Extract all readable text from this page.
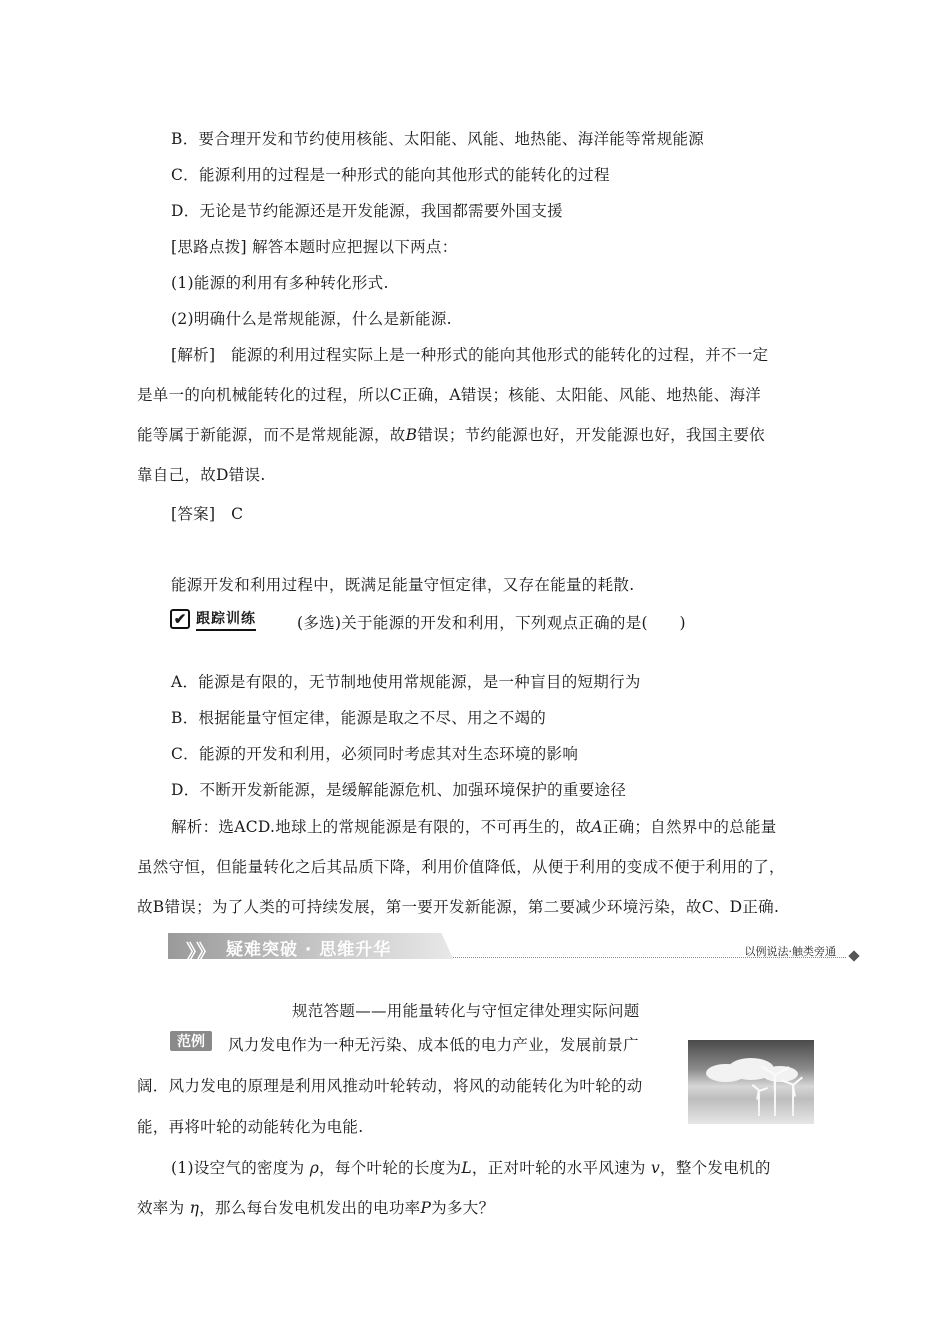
B．要合理开发和节约使用核能、太阳能、风能、地热能、海洋能等常规能源
C．能源利用的过程是一种形式的能向其他形式的能转化的过程
D．无论是节约能源还是开发能源，我国都需要外国支援
[思路点拨] 解答本题时应把握以下两点：
(1)能源的利用有多种转化形式.
(2)明确什么是常规能源，什么是新能源.
[解析]　能源的利用过程实际上是一种形式的能向其他形式的能转化的过程，并不一定
是单一的向机械能转化的过程，所以C正确，A错误；核能、太阳能、风能、地热能、海洋
能等属于新能源，而不是常规能源，故B错误；节约能源也好，开发能源也好，我国主要依
靠自己，故D错误.
[答案]　C
能源开发和利用过程中，既满足能量守恒定律，又存在能量的耗散.
✔ 跟踪训练	(多选)关于能源的开发和利用，下列观点正确的是(　　)
A．能源是有限的，无节制地使用常规能源，是一种盲目的短期行为
B．根据能量守恒定律，能源是取之不尽、用之不竭的
C．能源的开发和利用，必须同时考虑其对生态环境的影响
D．不断开发新能源，是缓解能源危机、加强环境保护的重要途径
解析：选ACD.地球上的常规能源是有限的，不可再生的，故A正确；自然界中的总能量
虽然守恒，但能量转化之后其品质下降，利用价值降低，从便于利用的变成不便于利用的了，
故B错误；为了人类的可持续发展，第一要开发新能源，第二要减少环境污染，故C、D正确.
》》 疑难突破 · 思维升华	以例说法·触类旁通
规范答题——用能量转化与守恒定律处理实际问题
范例	风力发电作为一种无污染、成本低的电力产业，发展前景广
阔．风力发电的原理是利用风推动叶轮转动，将风的动能转化为叶轮的动
能，再将叶轮的动能转化为电能.
(1)设空气的密度为 ρ，每个叶轮的长度为L，正对叶轮的水平风速为 v，整个发电机的
效率为 η，那么每台发电机发出的电功率P为多大？
